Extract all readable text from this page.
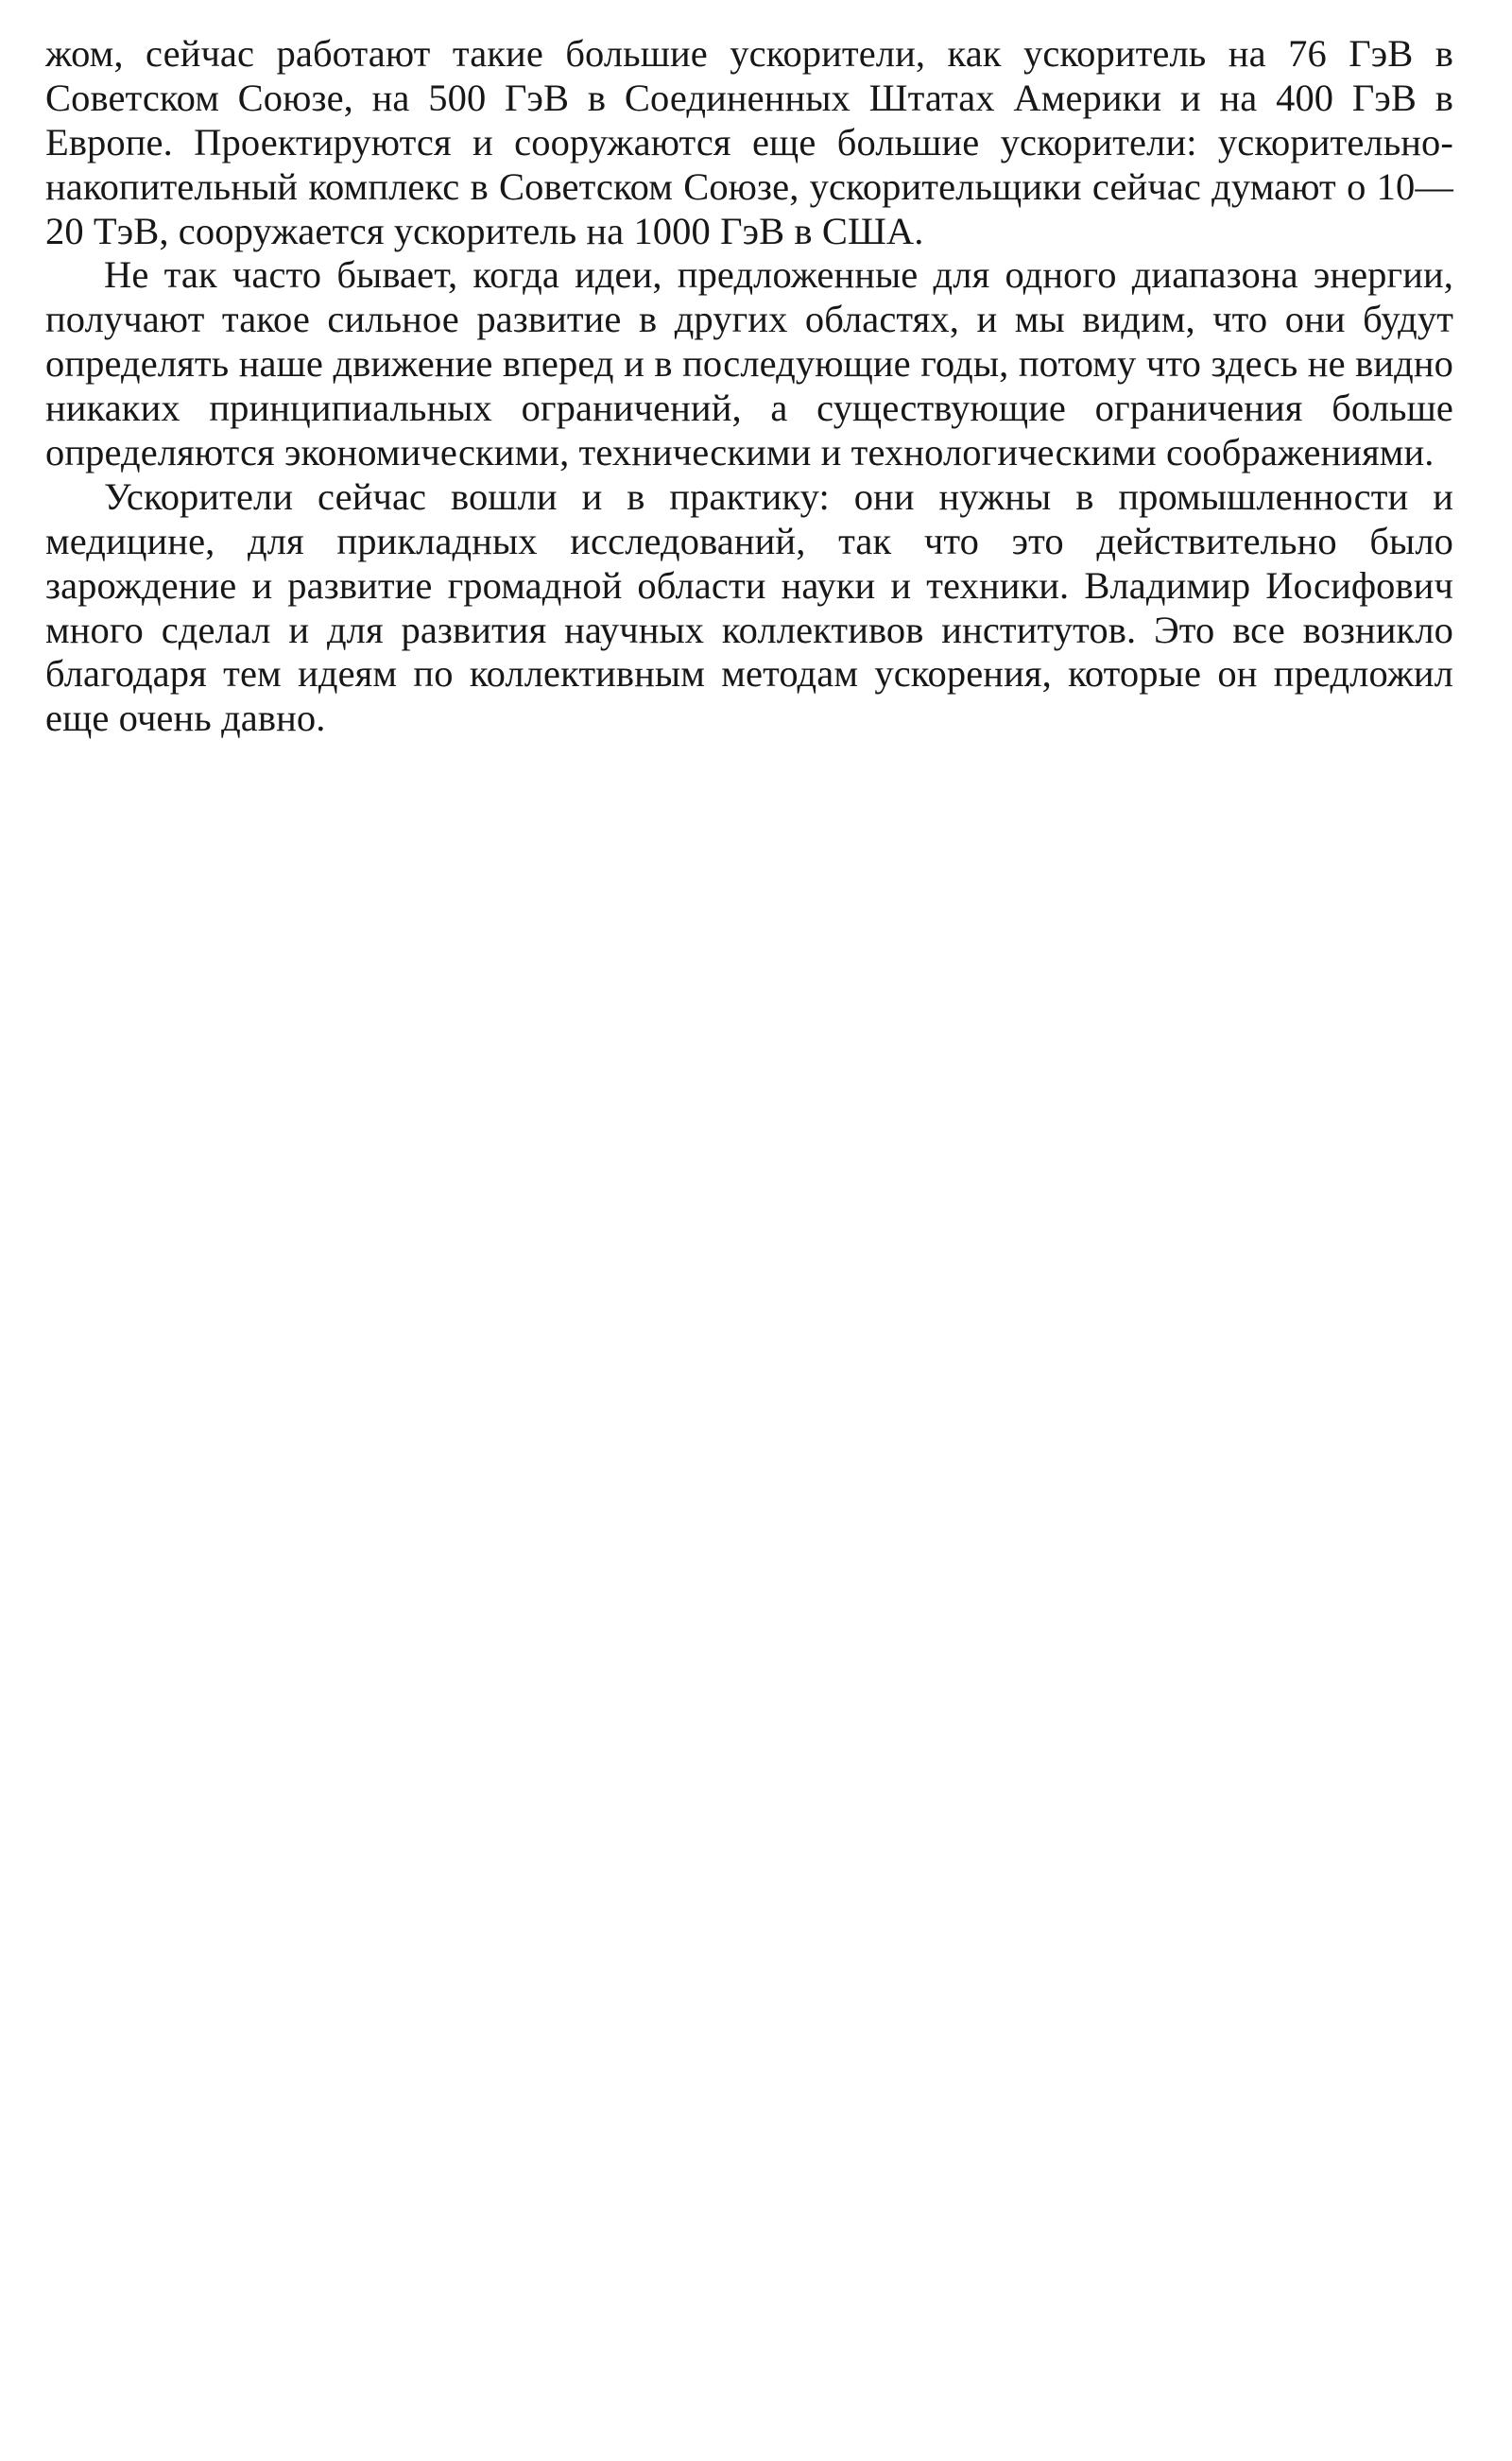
жом, сейчас работают такие большие ускорители, как ускоритель на 76 ГэВ в Советском Союзе, на 500 ГэВ в Соединенных Штатах Америки и на 400 ГэВ в Европе. Проектируются и сооружаются еще большие ускорители: ускорительно-накопительный комплекс в Советском Союзе, ускорительщики сейчас думают о 10—20 ТэВ, сооружается ускоритель на 1000 ГэВ в США.

Не так часто бывает, когда идеи, предложенные для одного диапазона энергии, получают такое сильное развитие в других областях, и мы видим, что они будут определять наше движение вперед и в последующие годы, потому что здесь не видно никаких принципиальных ограничений, а существующие ограничения больше определяются экономическими, техническими и технологическими соображениями.

Ускорители сейчас вошли и в практику: они нужны в промышленности и медицине, для прикладных исследований, так что это действительно было зарождение и развитие громадной области науки и техники. Владимир Иосифович много сделал и для развития научных коллективов институтов. Это все возникло благодаря тем идеям по коллективным методам ускорения, которые он предложил еще очень давно.
